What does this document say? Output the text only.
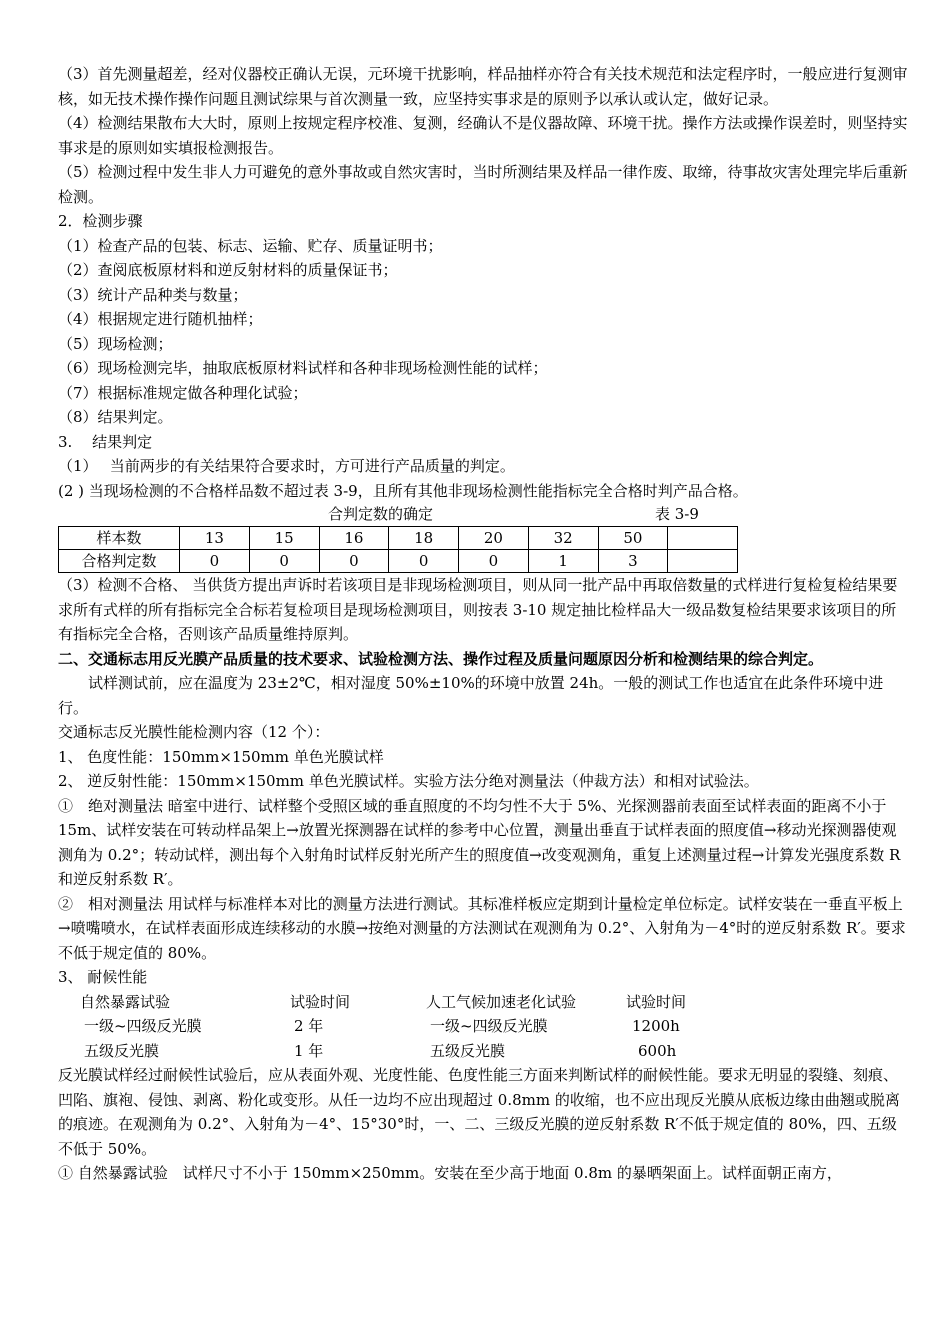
（3）首先测量超差，经对仪器校正确认无误，元环境干扰影响，样品抽样亦符合有关技术规范和法定程序时，一般应进行复测审核，如无技术操作操作问题且测试综果与首次测量一致，应坚持实事求是的原则予以承认或认定，做好记录。

（4）检测结果散布大大时，原则上按规定程序校准、复测，经确认不是仪器故障、环境干扰。操作方法或操作误差时，则坚持实事求是的原则如实填报检测报告。

（5）检测过程中发生非人力可避免的意外事故或自然灾害时，当时所测结果及样品一律作废、取缔，待事故灾害处理完毕后重新检测。

2．检测步骤

（1）检查产品的包装、标志、运输、贮存、质量证明书；

（2）查阅底板原材料和逆反射材料的质量保证书；

（3）统计产品种类与数量；

（4）根据规定进行随机抽样；

（5）现场检测；

（6）现场检测完毕，抽取底板原材料试样和各种非现场检测性能的试样；

（7）根据标准规定做各种理化试验；

（8）结果判定。

3.　 结果判定

（1）　 当前两步的有关结果符合要求时，方可进行产品质量的判定。

(2 ) 当现场检测的不合格样品数不超过表 3-9，且所有其他非现场检测性能指标完全合格时判产品合格。

合判定数的确定	表 3-9
样本数	13	15	16	18	20	32	50	
合格判定数	0	0	0	0	0	1	3	

（3）检测不合格、 当供货方提出声诉时若该项目是非现场检测项目，则从同一批产品中再取倍数量的式样进行复检复检结果要求所有式样的所有指标完全合标若复检项目是现场检测项目，则按表 3-10 规定抽比检样品大一级品数复检结果要求该项目的所有指标完全合格，否则该产品质量维持原判。

二、交通标志用反光膜产品质量的技术要求、试验检测方法、操作过程及质量问题原因分析和检测结果的综合判定。

试样测试前，应在温度为 23±2℃，相对湿度 50%±10%的环境中放置 24h。一般的测试工作也适宜在此条件环境中进行。

交通标志反光膜性能检测内容（12 个）：

1、 色度性能：150mm×150mm 单色光膜试样

2、 逆反射性能：150mm×150mm 单色光膜试样。实验方法分绝对测量法（仲裁方法）和相对试验法。

①　绝对测量法 暗室中进行、试样整个受照区域的垂直照度的不均匀性不大于 5%、光探测器前表面至试样表面的距离不小于 15m、试样安装在可转动样品架上→放置光探测器在试样的参考中心位置，测量出垂直于试样表面的照度值→移动光探测器使观测角为 0.2°；转动试样，测出每个入射角时试样反射光所产生的照度值→改变观测角，重复上述测量过程→计算发光强度系数 R 和逆反射系数 R′。

②　相对测量法 用试样与标准样本对比的测量方法进行测试。其标准样板应定期到计量检定单位标定。试样安装在一垂直平板上→喷嘴喷水，在试样表面形成连续移动的水膜→按绝对测量的方法测试在观测角为 0.2°、入射角为－4°时的逆反射系数 R′。要求不低于规定值的 80%。

3、 耐候性能

自然暴露试验	试验时间	人工气候加速老化试验	试验时间
一级~四级反光膜	2 年	一级~四级反光膜	1200h
五级反光膜	1 年	五级反光膜	600h

反光膜试样经过耐候性试验后，应从表面外观、光度性能、色度性能三方面来判断试样的耐候性能。要求无明显的裂缝、刻痕、凹陷、旗袍、侵蚀、剥离、粉化或变形。从任一边均不应出现超过 0.8mm 的收缩，也不应出现反光膜从底板边缘由曲翘或脱离的痕迹。在观测角为 0.2°、入射角为－4°、15°30°时，一、二、三级反光膜的逆反射系数 R′不低于规定值的 80%，四、五级不低于 50%。

① 自然暴露试验　试样尺寸不小于 150mm×250mm。安装在至少高于地面 0.8m 的暴晒架面上。试样面朝正南方，
